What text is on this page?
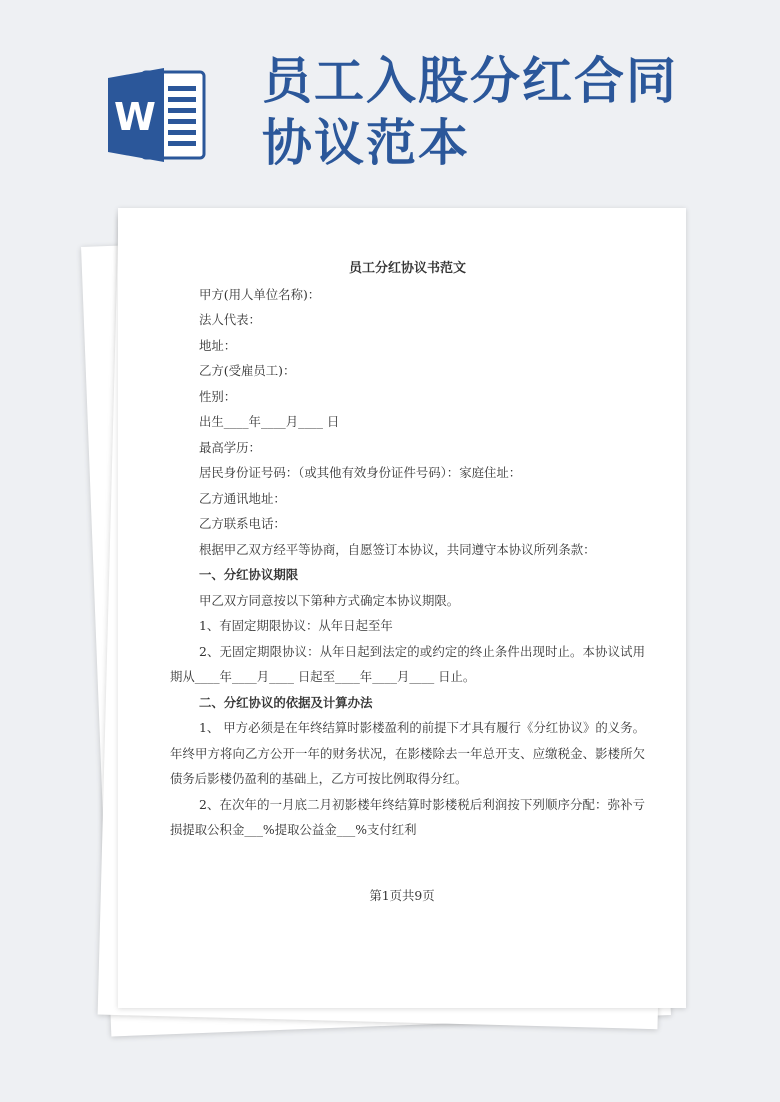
W
员工入股分红合同
协议范本
员工分红协议书范文
甲方(用人单位名称)：
法人代表：
地址：
乙方(受雇员工)：
性别：
出生____年____月____ 日
最高学历：
居民身份证号码：（或其他有效身份证件号码）：家庭住址：
乙方通讯地址：
乙方联系电话：
根据甲乙双方经平等协商，自愿签订本协议，共同遵守本协议所列条款：
一、分红协议期限
甲乙双方同意按以下第种方式确定本协议期限。
1、有固定期限协议：从年日起至年
2、无固定期限协议：从年日起到法定的或约定的终止条件出现时止。本协议试用期从____年____月____ 日起至____年____月____ 日止。
二、分红协议的依据及计算办法
1、 甲方必须是在年终结算时影楼盈利的前提下才具有履行《分红协议》的义务。年终甲方将向乙方公开一年的财务状况，在影楼除去一年总开支、应缴税金、影楼所欠债务后影楼仍盈利的基础上，乙方可按比例取得分红。
2、在次年的一月底二月初影楼年终结算时影楼税后利润按下列顺序分配：弥补亏损提取公积金___%提取公益金___%支付红利
第1页共9页
